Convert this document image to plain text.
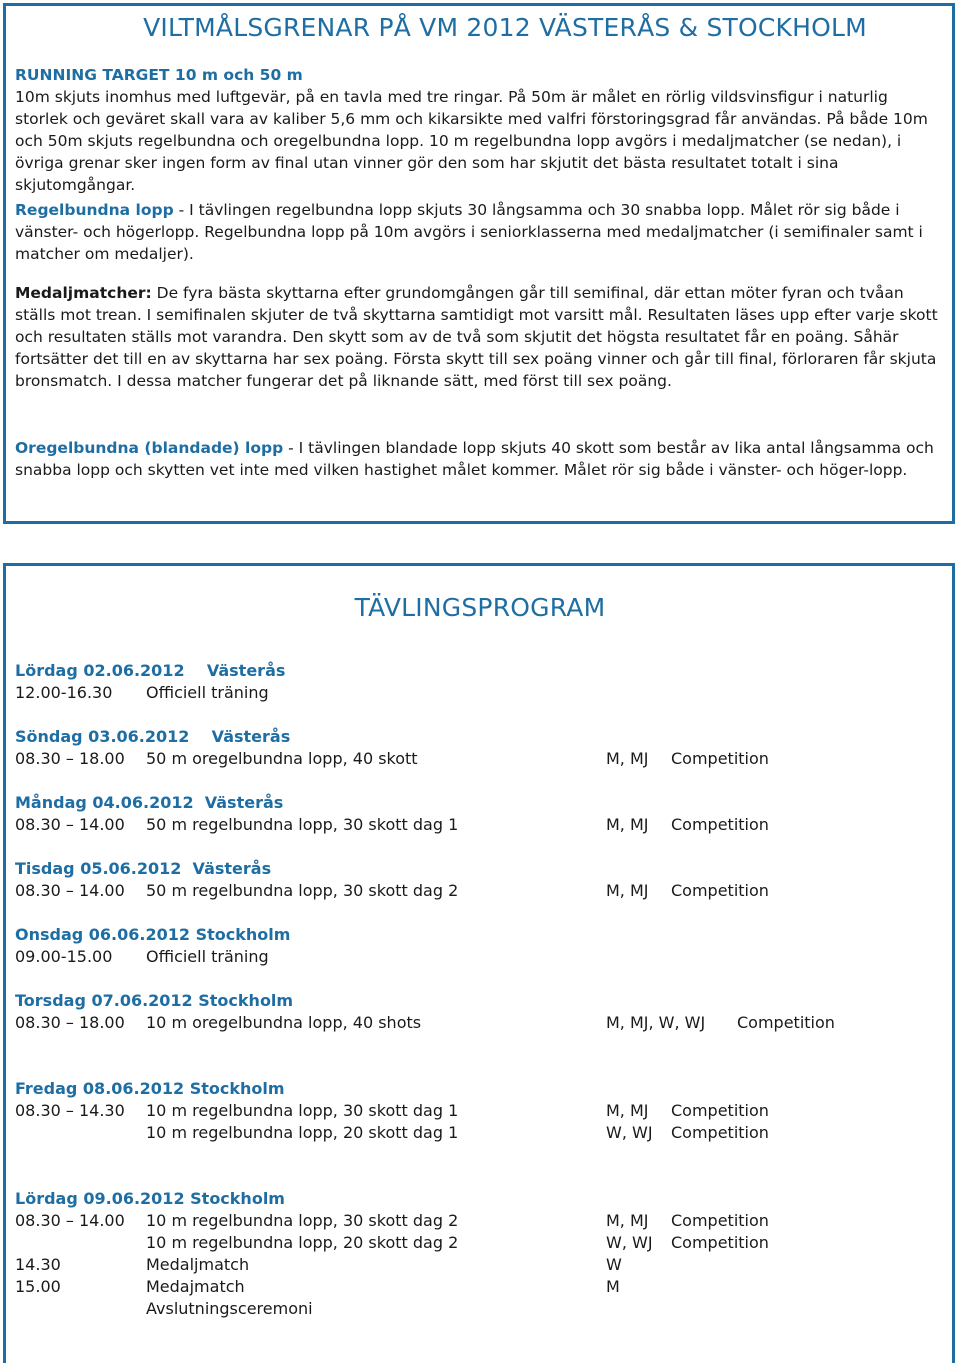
VILTMÅLSGRENAR PÅ VM 2012 VÄSTERÅS & STOCKHOLM

RUNNING TARGET 10 m och 50 m
10m skjuts inomhus med luftgevär, på en tavla med tre ringar. På 50m är målet en rörlig vildsvinsfigur i naturlig storlek och geväret skall vara av kaliber 5,6 mm och kikarsikte med valfri förstoringsgrad får användas. På både 10m och 50m skjuts regelbundna och oregelbundna lopp. 10 m regelbundna lopp avgörs i medaljmatcher (se nedan), i övriga grenar sker ingen form av final utan vinner gör den som har skjutit det bästa resultatet totalt i sina skjutomgångar.

Regelbundna lopp - I tävlingen regelbundna lopp skjuts 30 långsamma och 30 snabba lopp. Målet rör sig både i vänster- och högerlopp. Regelbundna lopp på 10m avgörs i seniorklasserna med medaljmatcher (i semifinaler samt i matcher om medaljer).

Medaljmatcher: De fyra bästa skyttarna efter grundomgången går till semifinal, där ettan möter fyran och tvåan ställs mot trean. I semifinalen skjuter de två skyttarna samtidigt mot varsitt mål. Resultaten läses upp efter varje skott och resultaten ställs mot varandra. Den skytt som av de två som skjutit det högsta resultatet får en poäng. Såhär fortsätter det till en av skyttarna har sex poäng. Första skytt till sex poäng vinner och går till final, förloraren får skjuta bronsmatch. I dessa matcher fungerar det på liknande sätt, med först till sex poäng.

Oregelbundna (blandade) lopp - I tävlingen blandade lopp skjuts 40 skott som består av lika antal långsamma och snabba lopp och skytten vet inte med vilken hastighet målet kommer. Målet rör sig både i vänster- och höger-lopp.

TÄVLINGSPROGRAM
Lördag 02.06.2012    Västerås
12.00-16.30 Officiell träning
Söndag 03.06.2012    Västerås
08.30 – 18.00 50 m oregelbundna lopp, 40 skott	M, MJ Competition
Måndag 04.06.2012  Västerås
08.30 – 14.00 50 m regelbundna lopp, 30 skott dag 1	M, MJ Competition
Tisdag 05.06.2012  Västerås
08.30 – 14.00 50 m regelbundna lopp, 30 skott dag 2	M, MJ Competition
Onsdag 06.06.2012 Stockholm
09.00-15.00 Officiell träning
Torsdag 07.06.2012 Stockholm
08.30 – 18.00 10 m oregelbundna lopp, 40 shots	M, MJ, W, WJ Competition
Fredag 08.06.2012 Stockholm
08.30 – 14.30 10 m regelbundna lopp, 30 skott dag 1	M, MJ Competition
10 m regelbundna lopp, 20 skott dag 1	W, WJ Competition
Lördag 09.06.2012 Stockholm
08.30 – 14.00 10 m regelbundna lopp, 30 skott dag 2	M, MJ Competition
10 m regelbundna lopp, 20 skott dag 2	W, WJ Competition
14.30	Medaljmatch	W
15.00	Medajmatch	M
Avslutningsceremoni
